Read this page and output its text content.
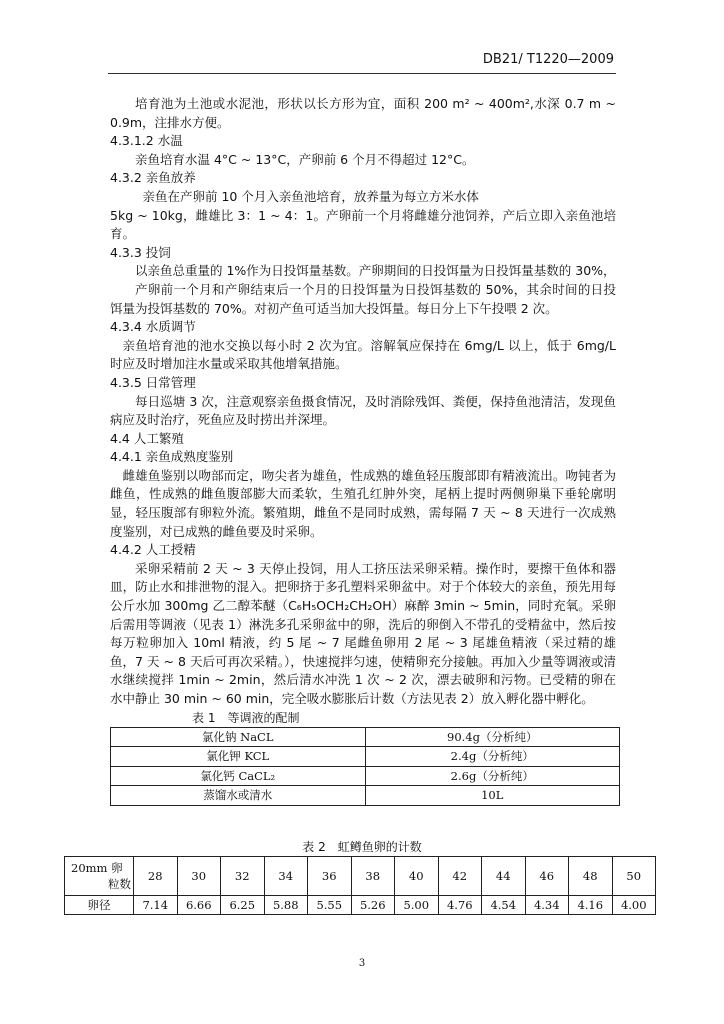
DB21/ T1220—2009

培育池为土池或水泥池，形状以长方形为宜，面积 200 m² ~ 400m²,水深 0.7 m ~ 0.9m，注排水方便。

4.3.1.2 水温

亲鱼培育水温 4°C ~ 13°C，产卵前 6 个月不得超过 12°C。

4.3.2 亲鱼放养

亲鱼在产卵前 10 个月入亲鱼池培育，放养量为每立方米水体

5kg ~ 10kg，雌雄比 3：1 ~ 4：1。产卵前一个月将雌雄分池饲养，产后立即入亲鱼池培育。

4.3.3 投饲

以亲鱼总重量的 1%作为日投饵量基数。产卵期间的日投饵量为日投饵量基数的 30%，

产卵前一个月和产卵结束后一个月的日投饵量为日投饵基数的 50%，其余时间的日投饵量为投饵基数的 70%。对初产鱼可适当加大投饵量。每日分上下午投喂 2 次。

4.3.4 水质调节

亲鱼培育池的池水交换以每小时 2 次为宜。溶解氧应保持在 6mg/L 以上，低于 6mg/L 时应及时增加注水量或采取其他增氧措施。

4.3.5 日常管理

每日巡塘 3 次，注意观察亲鱼摄食情况，及时消除残饵、粪便，保持鱼池清洁，发现鱼病应及时治疗，死鱼应及时捞出并深埋。

4.4 人工繁殖

4.4.1 亲鱼成熟度鉴别

雌雄鱼鉴别以吻部而定，吻尖者为雄鱼，性成熟的雄鱼轻压腹部即有精液流出。吻钝者为雌鱼，性成熟的雌鱼腹部膨大而柔软，生殖孔红肿外突，尾柄上提时两侧卵巢下垂轮廓明显，轻压腹部有卵粒外流。繁殖期，雌鱼不是同时成熟，需每隔 7 天 ~ 8 天进行一次成熟度鉴别，对已成熟的雌鱼要及时采卵。

4.4.2 人工授精

采卵采精前 2 天 ~ 3 天停止投饲，用人工挤压法采卵采精。操作时，要擦干鱼体和器皿，防止水和排泄物的混入。把卵挤于多孔塑料采卵盆中。对于个体较大的亲鱼，预先用每公斤水加 300mg 乙二醇苯醚（C₆H₅OCH₂CH₂OH）麻醉 3min ~ 5min，同时充氧。采卵后需用等调液（见表 1）淋洗多孔采卵盆中的卵，洗后的卵倒入不带孔的受精盆中，然后按每万粒卵加入 10ml 精液，约 5 尾 ~ 7 尾雌鱼卵用 2 尾 ~ 3 尾雄鱼精液（采过精的雄鱼，7 天 ~ 8 天后可再次采精。），快速搅拌匀速，使精卵充分接触。再加入少量等调液或清水继续搅拌 1min ~ 2min，然后清水冲洗 1 次 ~ 2 次，漂去破卵和污物。已受精的卵在水中静止 30 min ~ 60 min，完全吸水膨胀后计数（方法见表 2）放入孵化器中孵化。

表 1　等调液的配制

氯化钠 NaCL	90.4g（分析纯）
氯化钾 KCL	2.4g（分析纯）
氯化钙 CaCL₂	2.6g（分析纯）
蒸馏水或清水	10L
表 2　虹鳟鱼卵的计数
20mm 卵
粒数	28	30	32	34	36	38	40	42	44	46	48	50
卵径	7.14	6.66	6.25	5.88	5.55	5.26	5.00	4.76	4.54	4.34	4.16	4.00
3
